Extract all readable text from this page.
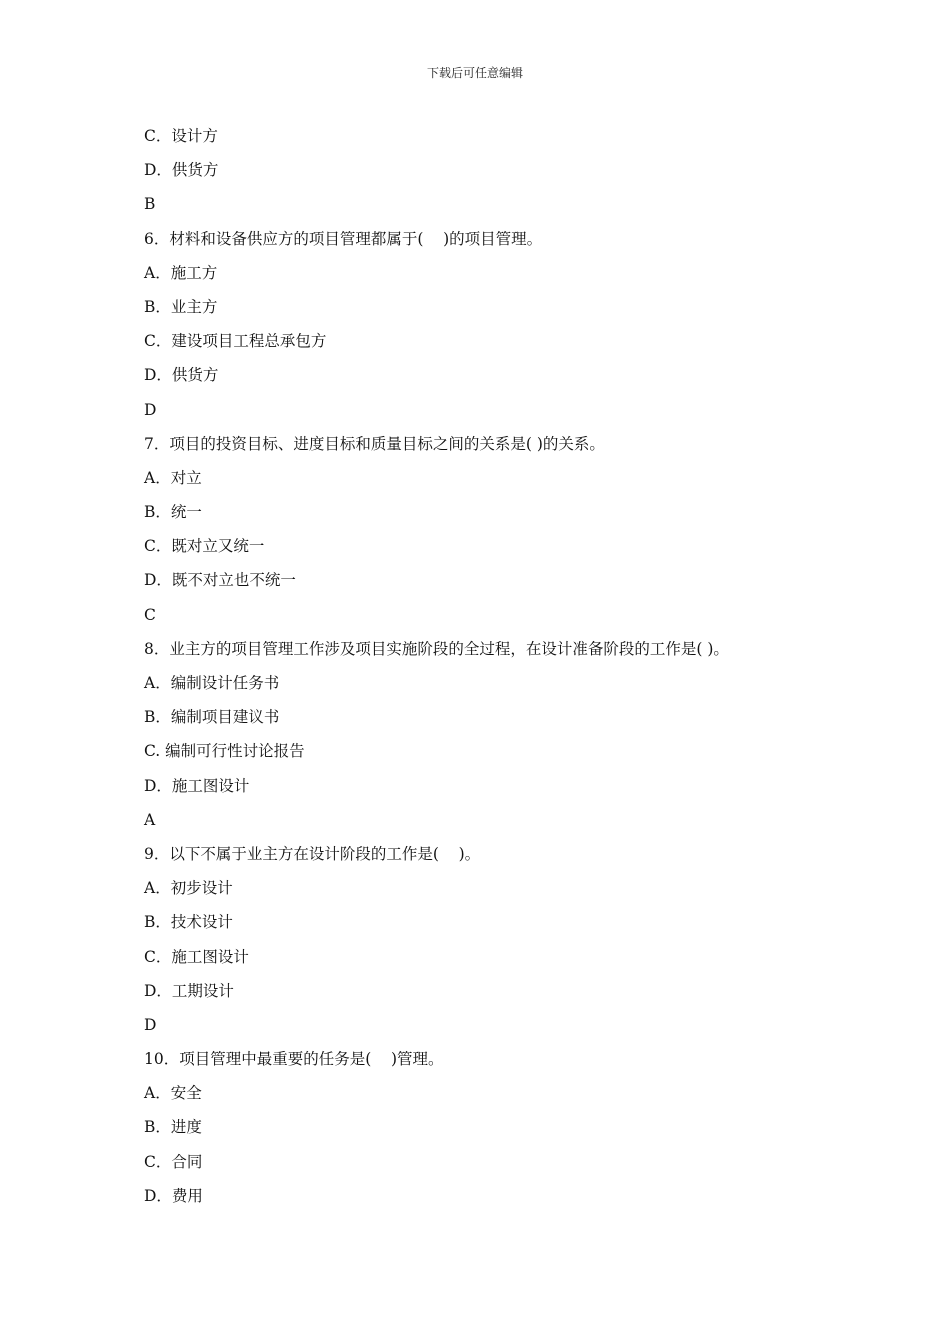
下载后可任意编辑
C．设计方
D．供货方
B
6．材料和设备供应方的项目管理都属于(    )的项目管理。
A．施工方
B．业主方
C．建设项目工程总承包方
D．供货方
D
7．项目的投资目标、进度目标和质量目标之间的关系是( )的关系。
A．对立
B．统一
C．既对立又统一
D．既不对立也不统一
C
8．业主方的项目管理工作涉及项目实施阶段的全过程，在设计准备阶段的工作是( )。
A．编制设计任务书
B．编制项目建议书
C. 编制可行性讨论报告
D．施工图设计
A
9．以下不属于业主方在设计阶段的工作是(    )。
A．初步设计
B．技术设计
C．施工图设计
D．工期设计
D
10．项目管理中最重要的任务是(    )管理。
A．安全
B．进度
C．合同
D．费用
